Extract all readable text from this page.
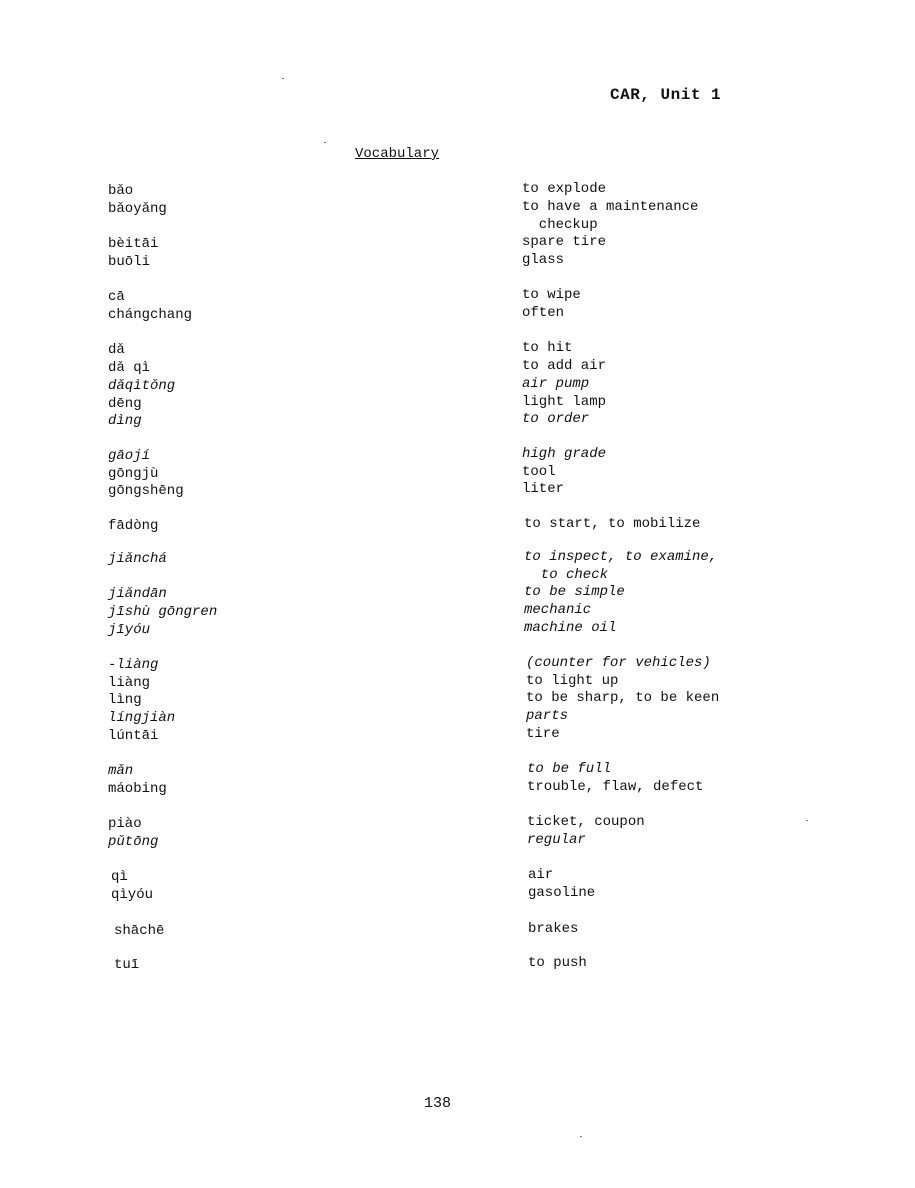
CAR, Unit 1
Vocabulary
bǎo	to explode
bǎoyǎng	to have a maintenance
checkup
bèitāi	spare tire
buōli	glass
cā	to wipe
chángchang	often
dǎ	to hit
dǎ qì	to add air
dǎqìtǒng	air pump
dēng	light lamp
dìng	to order
gāojí	high grade
gōngjù	tool
gōngshēng	liter
fādòng	to start, to mobilize
jiǎnchá	to inspect, to examine,
to check
jiǎndān	to be simple
jīshù gōngren	mechanic
jīyóu	machine oil
-liàng	(counter for vehicles)
liàng	to light up
lìng	to be sharp, to be keen
língjiàn	parts
lúntāi	tire
mǎn	to be full
máobing	trouble, flaw, defect
piào	ticket, coupon
pǔtōng	regular
qì	air
qìyóu	gasoline
shāchē	brakes
tuī	to push
138
